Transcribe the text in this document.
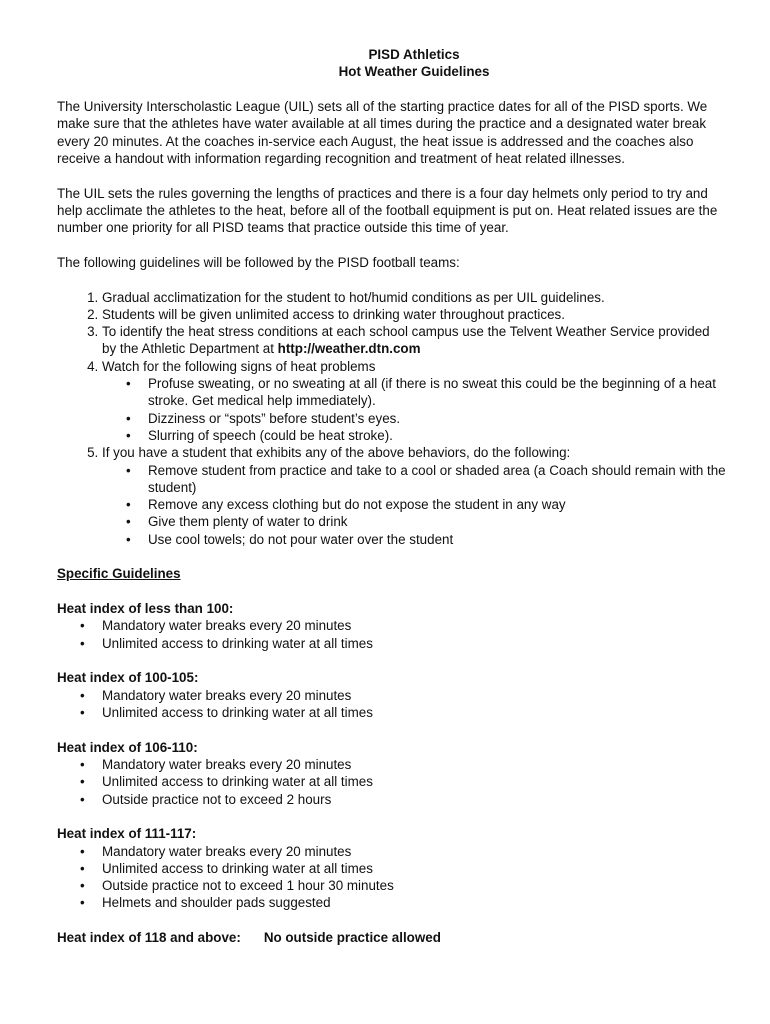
PISD Athletics

Hot Weather Guidelines

The University Interscholastic League (UIL) sets all of the starting practice dates for all of the PISD sports. We make sure that the athletes have water available at all times during the practice and a designated water break every 20 minutes. At the coaches in-service each August, the heat issue is addressed and the coaches also receive a handout with information regarding recognition and treatment of heat related illnesses.

The UIL sets the rules governing the lengths of practices and there is a four day helmets only period to try and help acclimate the athletes to the heat, before all of the football equipment is put on. Heat related issues are the number one priority for all PISD teams that practice outside this time of year.

The following guidelines will be followed by the PISD football teams:

1. Gradual acclimatization for the student to hot/humid conditions as per UIL guidelines.
2. Students will be given unlimited access to drinking water throughout practices.
3. To identify the heat stress conditions at each school campus use the Telvent Weather Service provided by the Athletic Department at http://weather.dtn.com
4. Watch for the following signs of heat problems
• Profuse sweating, or no sweating at all (if there is no sweat this could be the beginning of a heat stroke. Get medical help immediately).
• Dizziness or “spots” before student’s eyes.
• Slurring of speech (could be heat stroke).
5. If you have a student that exhibits any of the above behaviors, do the following:
• Remove student from practice and take to a cool or shaded area (a Coach should remain with the student)
• Remove any excess clothing but do not expose the student in any way
• Give them plenty of water to drink
• Use cool towels; do not pour water over the student

Specific Guidelines

Heat index of less than 100:

• Mandatory water breaks every 20 minutes
• Unlimited access to drinking water at all times

Heat index of 100-105:

• Mandatory water breaks every 20 minutes
• Unlimited access to drinking water at all times

Heat index of 106-110:

• Mandatory water breaks every 20 minutes
• Unlimited access to drinking water at all times
• Outside practice not to exceed 2 hours

Heat index of 111-117:

• Mandatory water breaks every 20 minutes
• Unlimited access to drinking water at all times
• Outside practice not to exceed 1 hour 30 minutes
• Helmets and shoulder pads suggested

Heat index of 118 and above: No outside practice allowed
